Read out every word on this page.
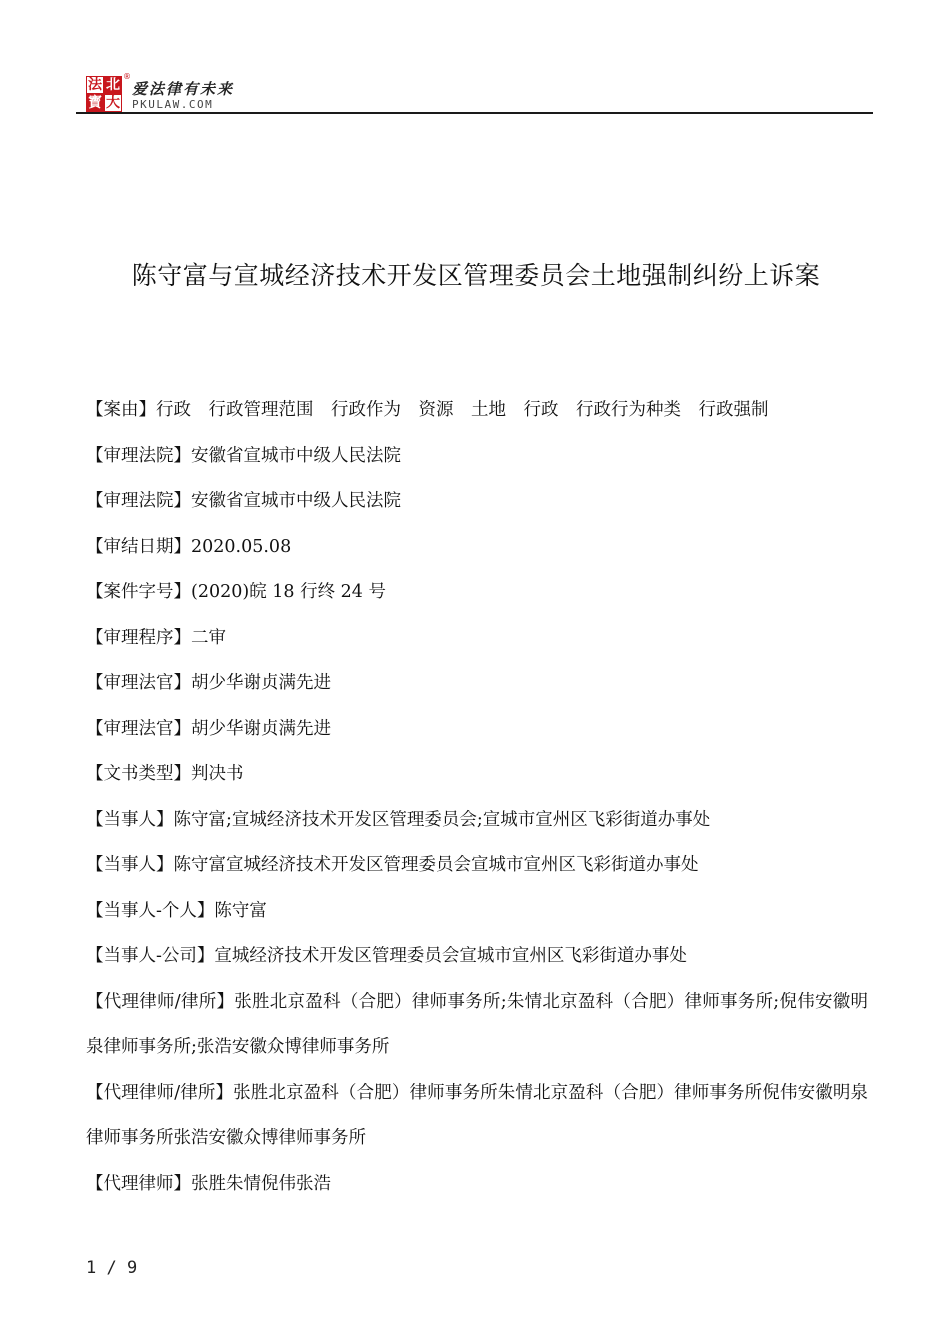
法 北
寳 大
®
爱法律有未来
PKULAW.COM
陈守富与宣城经济技术开发区管理委员会土地强制纠纷上诉案

【案由】行政　行政管理范围　行政作为　资源　土地　行政　行政行为种类　行政强制

【审理法院】安徽省宣城市中级人民法院

【审理法院】安徽省宣城市中级人民法院

【审结日期】2020.05.08

【案件字号】(2020)皖 18 行终 24 号

【审理程序】二审

【审理法官】胡少华谢贞满先进

【审理法官】胡少华谢贞满先进

【文书类型】判决书

【当事人】陈守富;宣城经济技术开发区管理委员会;宣城市宣州区飞彩街道办事处

【当事人】陈守富宣城经济技术开发区管理委员会宣城市宣州区飞彩街道办事处

【当事人-个人】陈守富

【当事人-公司】宣城经济技术开发区管理委员会宣城市宣州区飞彩街道办事处

【代理律师/律所】张胜北京盈科（合肥）律师事务所;朱情北京盈科（合肥）律师事务所;倪伟安徽明泉律师事务所;张浩安徽众博律师事务所

【代理律师/律所】张胜北京盈科（合肥）律师事务所朱情北京盈科（合肥）律师事务所倪伟安徽明泉律师事务所张浩安徽众博律师事务所

【代理律师】张胜朱情倪伟张浩

1 / 9
